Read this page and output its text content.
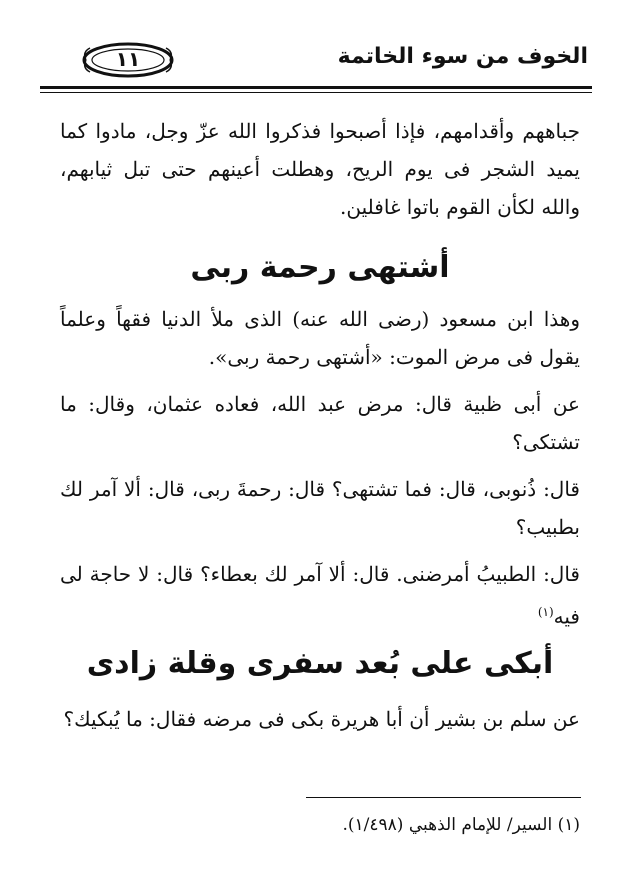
الخوف من سوء الخاتمة
١١
جباههم وأقدامهم، فإذا أصبحوا فذكروا الله عزّ وجل، مادوا كما يميد الشجر فى يوم الريح، وهطلت أعينهم حتى تبل ثيابهم، والله لكأن القوم باتوا غافلين.
أشتهى رحمة ربى
وهذا ابن مسعود (رضى الله عنه) الذى ملأ الدنيا فقهاً وعلماً يقول فى مرض الموت: «أشتهى رحمة ربى».
عن أبى ظبية قال: مرض عبد الله، فعاده عثمان، وقال: ما تشتكى؟
قال: ذُنوبى، قال: فما تشتهى؟ قال: رحمةَ ربى، قال: ألا آمر لك بطبيب؟
قال: الطبيبُ أمرضنى. قال: ألا آمر لك بعطاء؟ قال: لا حاجة لى فيه$^{(١)}$
أبكى على بُعد سفرى وقلة زادى
عن سلم بن بشير أن أبا هريرة بكى فى مرضه فقال: ما يُبكيك؟
(١) السير/ للإمام الذهبي (١/٤٩٨).
